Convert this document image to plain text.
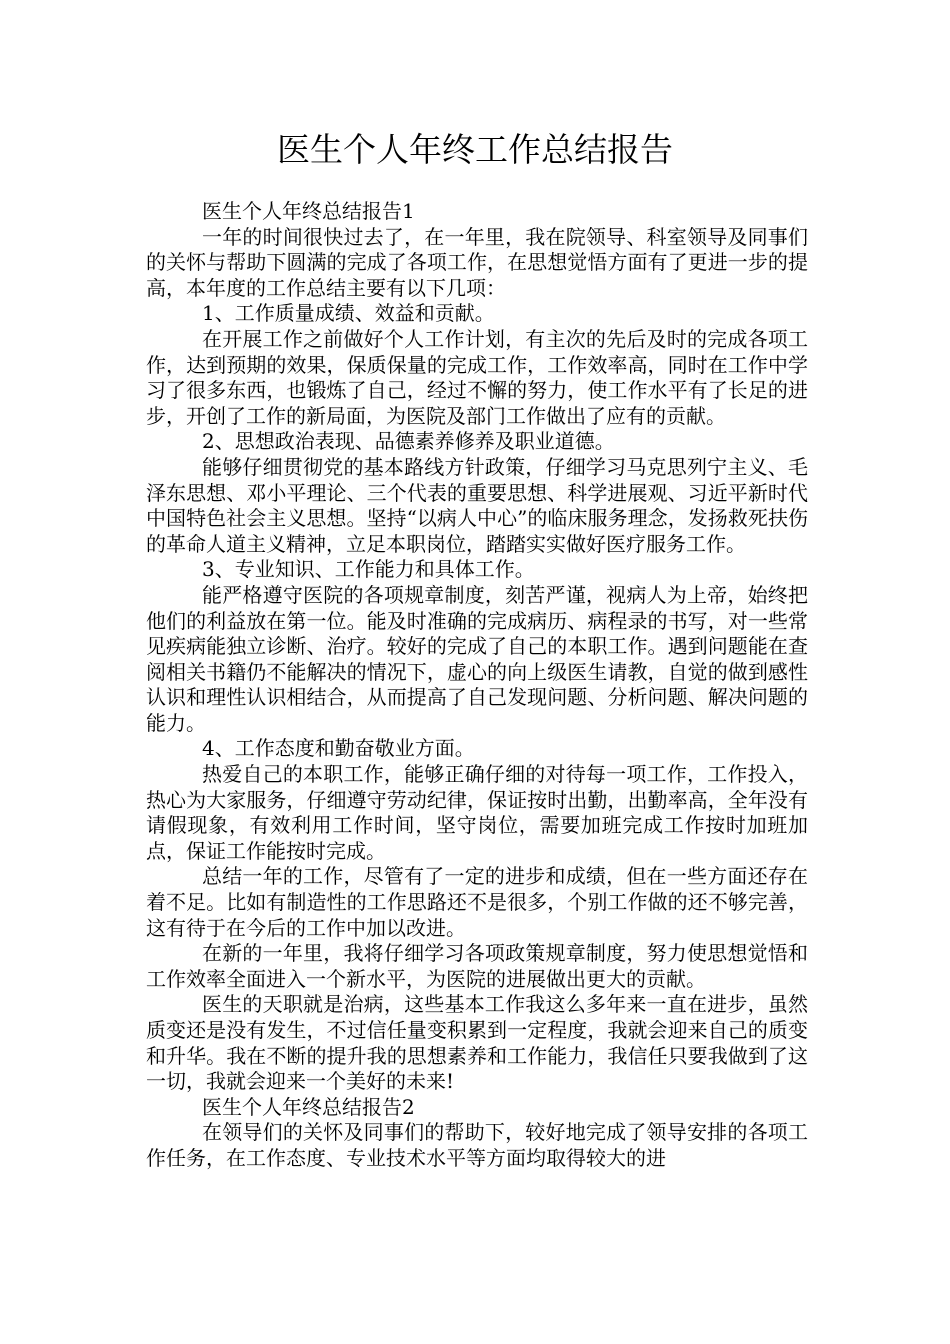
医生个人年终工作总结报告

医生个人年终总结报告1

一年的时间很快过去了，在一年里，我在院领导、科室领导及同事们的关怀与帮助下圆满的完成了各项工作，在思想觉悟方面有了更进一步的提高，本年度的工作总结主要有以下几项：

1、工作质量成绩、效益和贡献。

在开展工作之前做好个人工作计划，有主次的先后及时的完成各项工作，达到预期的效果，保质保量的完成工作，工作效率高，同时在工作中学习了很多东西，也锻炼了自己，经过不懈的努力，使工作水平有了长足的进步，开创了工作的新局面，为医院及部门工作做出了应有的贡献。

2、思想政治表现、品德素养修养及职业道德。

能够仔细贯彻党的基本路线方针政策，仔细学习马克思列宁主义、毛泽东思想、邓小平理论、三个代表的重要思想、科学进展观、习近平新时代中国特色社会主义思想。坚持“以病人中心”的临床服务理念，发扬救死扶伤的革命人道主义精神，立足本职岗位，踏踏实实做好医疗服务工作。

3、专业知识、工作能力和具体工作。

能严格遵守医院的各项规章制度，刻苦严谨，视病人为上帝，始终把他们的利益放在第一位。能及时准确的完成病历、病程录的书写，对一些常见疾病能独立诊断、治疗。较好的完成了自己的本职工作。遇到问题能在查阅相关书籍仍不能解决的情况下，虚心的向上级医生请教，自觉的做到感性认识和理性认识相结合，从而提高了自己发现问题、分析问题、解决问题的能力。

4、工作态度和勤奋敬业方面。

热爱自己的本职工作，能够正确仔细的对待每一项工作，工作投入，热心为大家服务，仔细遵守劳动纪律，保证按时出勤，出勤率高，全年没有请假现象，有效利用工作时间，坚守岗位，需要加班完成工作按时加班加点，保证工作能按时完成。

总结一年的工作，尽管有了一定的进步和成绩，但在一些方面还存在着不足。比如有制造性的工作思路还不是很多，个别工作做的还不够完善，这有待于在今后的工作中加以改进。

在新的一年里，我将仔细学习各项政策规章制度，努力使思想觉悟和工作效率全面进入一个新水平，为医院的进展做出更大的贡献。

医生的天职就是治病，这些基本工作我这么多年来一直在进步，虽然质变还是没有发生，不过信任量变积累到一定程度，我就会迎来自己的质变和升华。我在不断的提升我的思想素养和工作能力，我信任只要我做到了这一切，我就会迎来一个美好的未来!

医生个人年终总结报告2

在领导们的关怀及同事们的帮助下，较好地完成了领导安排的各项工作任务，在工作态度、专业技术水平等方面均取得较大的进
